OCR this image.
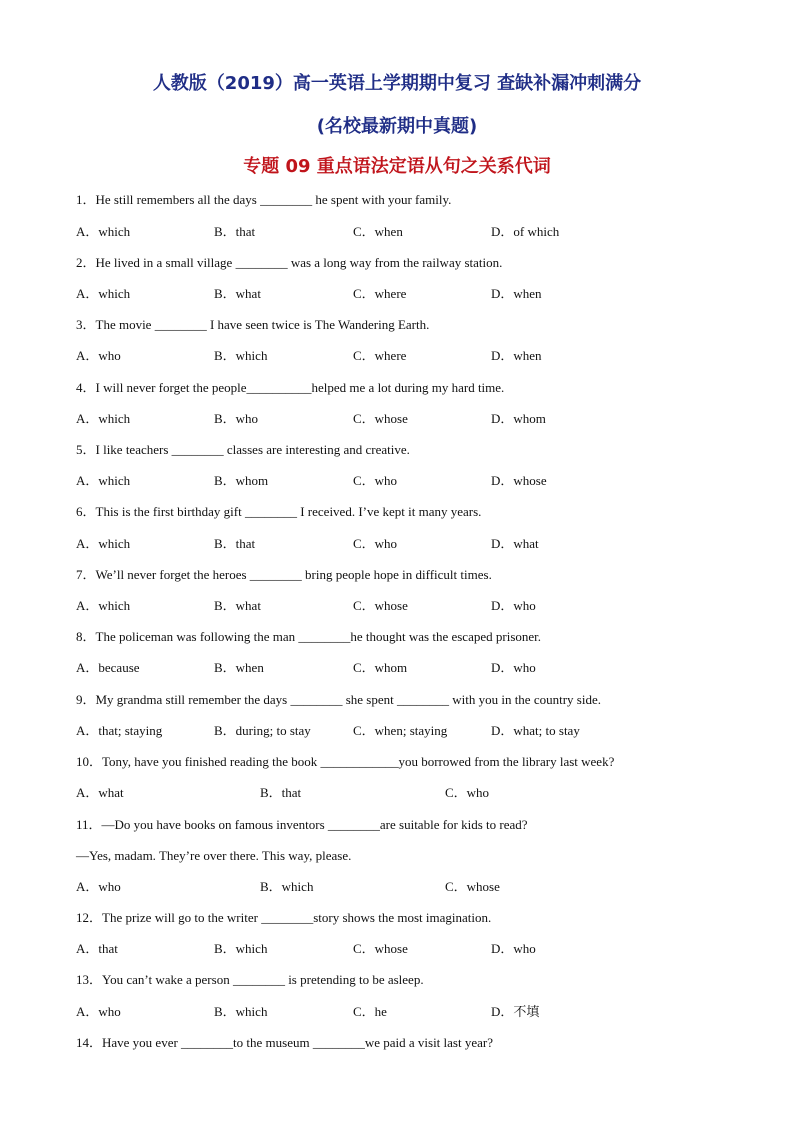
人教版（2019）高一英语上学期期中复习 查缺补漏冲刺满分
(名校最新期中真题)
专题 09 重点语法定语从句之关系代词
1．He still remembers all the days ________ he spent with your family.
A．which	B．that	C．when	D．of which
2．He lived in a small village ________ was a long way from the railway station.
A．which	B．what	C．where	D．when
3．The movie ________ I have seen twice is The Wandering Earth.
A．who	B．which	C．where	D．when
4．I will never forget the people__________helped me a lot during my hard time.
A．which	B．who	C．whose	D．whom
5．I like teachers ________ classes are interesting and creative.
A．which	B．whom	C．who	D．whose
6．This is the first birthday gift ________ I received. I’ve kept it many years.
A．which	B．that	C．who	D．what
7．We’ll never forget the heroes ________ bring people hope in difficult times.
A．which	B．what	C．whose	D．who
8．The policeman was following the man ________he thought was the escaped prisoner.
A．because	B．when	C．whom	D．who
9．My grandma still remember the days ________ she spent ________ with you in the country side.
A．that; staying	B．during; to stay	C．when; staying	D．what; to stay
10．Tony, have you finished reading the book ____________you borrowed from the library last week?
A．what	B．that	C．who
11．—Do you have books on famous inventors ________are suitable for kids to read?
—Yes, madam. They’re over there. This way, please.
A．who	B．which	C．whose
12．The prize will go to the writer ________story shows the most imagination.
A．that	B．which	C．whose	D．who
13．You can’t wake a person ________ is pretending to be asleep.
A．who	B．which	C．he	D．不填
14．Have you ever ________to the museum ________we paid a visit last year?
